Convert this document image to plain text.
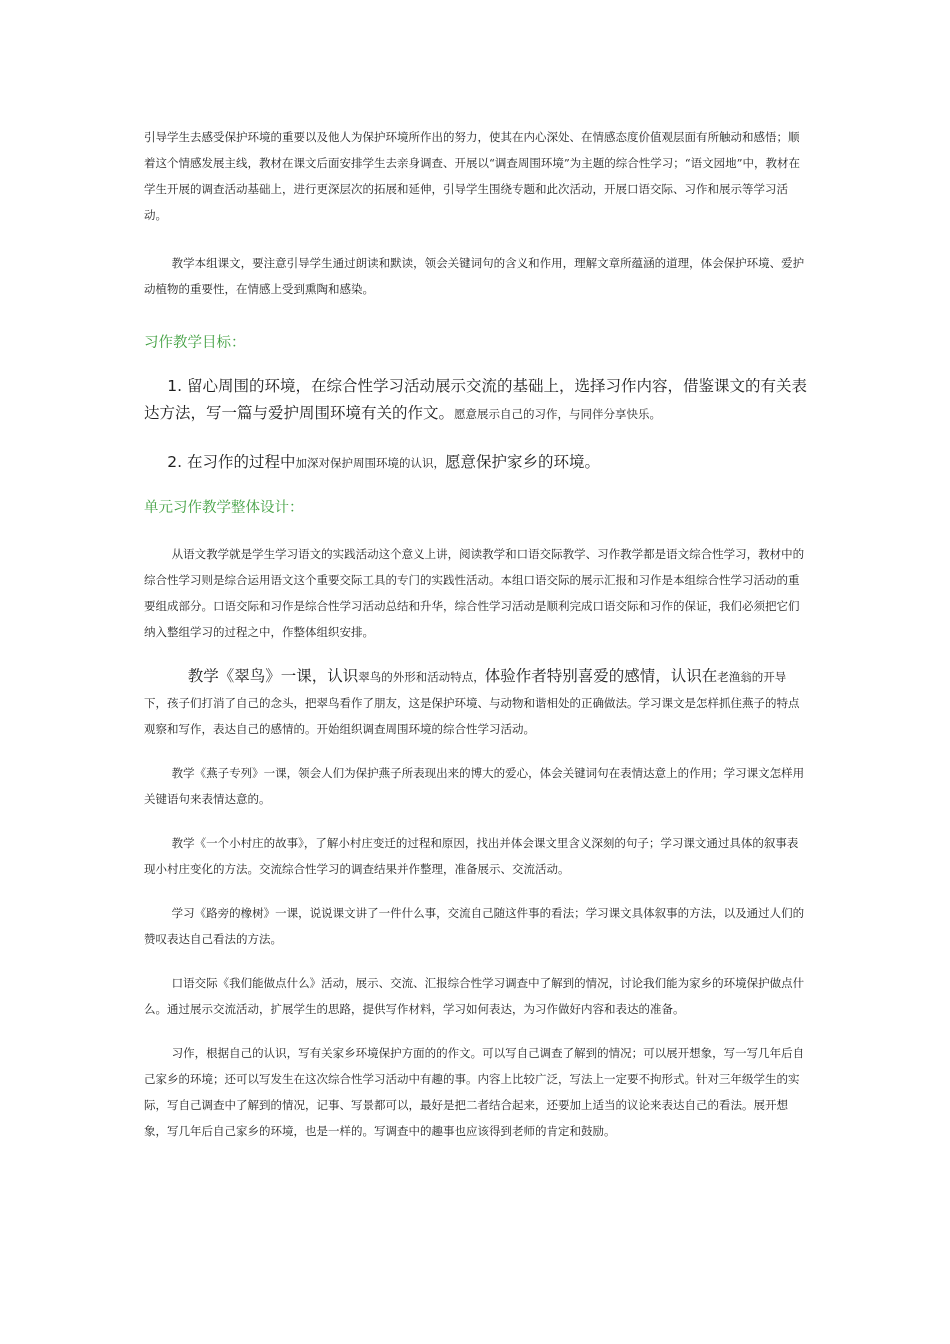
引导学生去感受保护环境的重要以及他人为保护环境所作出的努力，使其在内心深处、在情感态度价值观层面有所触动和感悟；顺着这个情感发展主线，教材在课文后面安排学生去亲身调查、开展以“调查周围环境”为主题的综合性学习；“语文园地”中，教材在学生开展的调查活动基础上，进行更深层次的拓展和延伸，引导学生围绕专题和此次活动，开展口语交际、习作和展示等学习活动。

教学本组课文，要注意引导学生通过朗读和默读，领会关键词句的含义和作用，理解文章所蕴涵的道理，体会保护环境、爱护动植物的重要性，在情感上受到熏陶和感染。

习作教学目标：

1. 留心周围的环境，在综合性学习活动展示交流的基础上，选择习作内容，借鉴课文的有关表达方法，写一篇与爱护周围环境有关的作文。愿意展示自己的习作，与同伴分享快乐。

2. 在习作的过程中加深对保护周围环境的认识，愿意保护家乡的环境。

单元习作教学整体设计：

从语文教学就是学生学习语文的实践活动这个意义上讲，阅读教学和口语交际教学、习作教学都是语文综合性学习，教材中的综合性学习则是综合运用语文这个重要交际工具的专门的实践性活动。本组口语交际的展示汇报和习作是本组综合性学习活动的重要组成部分。口语交际和习作是综合性学习活动总结和升华，综合性学习活动是顺利完成口语交际和习作的保证，我们必须把它们纳入整组学习的过程之中，作整体组织安排。

教学《翠鸟》一课，认识翠鸟的外形和活动特点，体验作者特别喜爱的感情，认识在老渔翁的开导下，孩子们打消了自己的念头，把翠鸟看作了朋友，这是保护环境、与动物和谐相处的正确做法。学习课文是怎样抓住燕子的特点观察和写作，表达自己的感情的。开始组织调查周围环境的综合性学习活动。

教学《燕子专列》一课，领会人们为保护燕子所表现出来的博大的爱心，体会关键词句在表情达意上的作用；学习课文怎样用关键语句来表情达意的。

教学《一个小村庄的故事》，了解小村庄变迁的过程和原因，找出并体会课文里含义深刻的句子；学习课文通过具体的叙事表现小村庄变化的方法。交流综合性学习的调查结果并作整理，准备展示、交流活动。

学习《路旁的橡树》一课，说说课文讲了一件什么事，交流自己随这件事的看法；学习课文具体叙事的方法，以及通过人们的赞叹表达自己看法的方法。

口语交际《我们能做点什么》活动，展示、交流、汇报综合性学习调查中了解到的情况，讨论我们能为家乡的环境保护做点什么。通过展示交流活动，扩展学生的思路，提供写作材料，学习如何表达，为习作做好内容和表达的准备。

习作，根据自己的认识，写有关家乡环境保护方面的的作文。可以写自己调查了解到的情况；可以展开想象，写一写几年后自己家乡的环境；还可以写发生在这次综合性学习活动中有趣的事。内容上比较广泛，写法上一定要不拘形式。针对三年级学生的实际，写自己调查中了解到的情况，记事、写景都可以，最好是把二者结合起来，还要加上适当的议论来表达自己的看法。展开想象，写几年后自己家乡的环境，也是一样的。写调查中的趣事也应该得到老师的肯定和鼓励。
